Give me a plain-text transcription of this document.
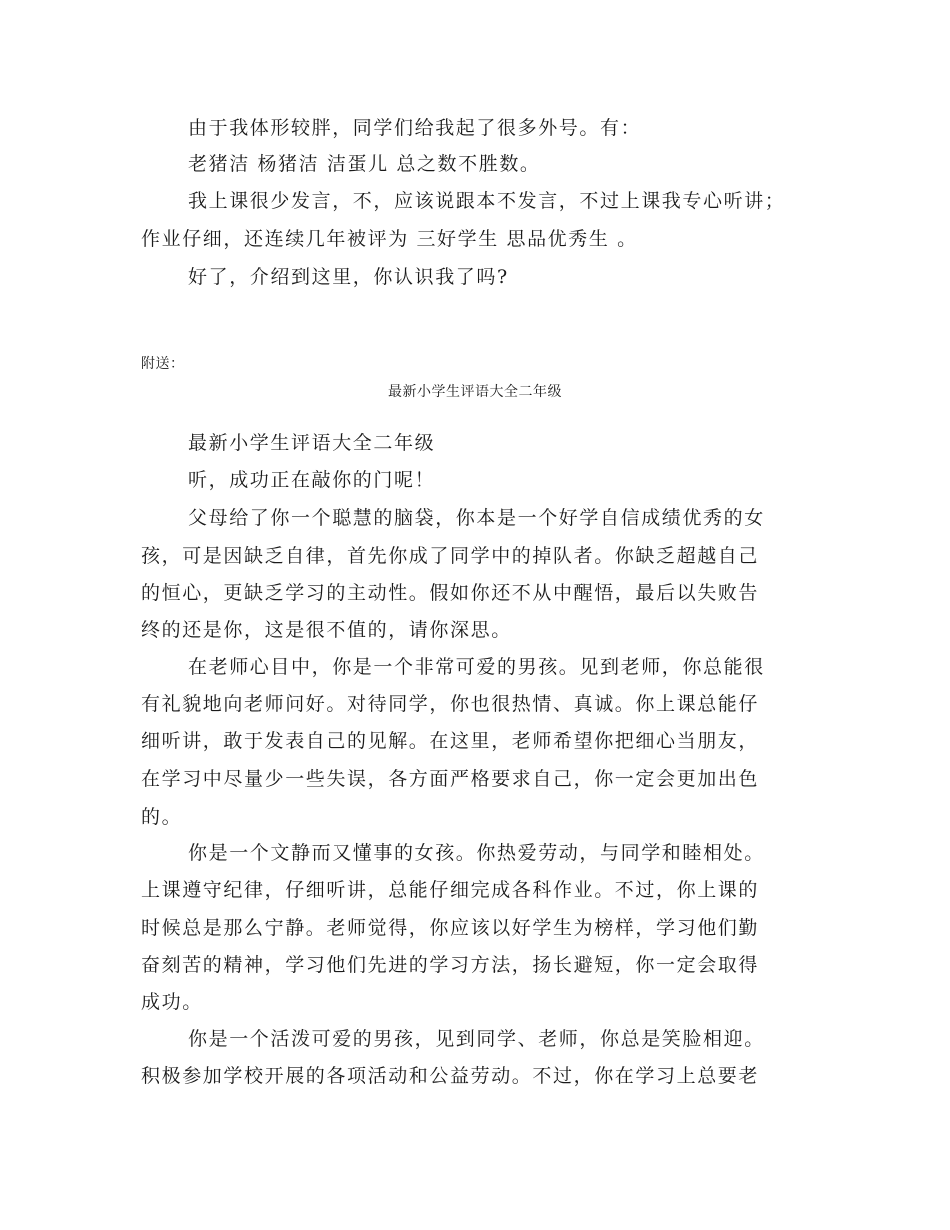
由于我体形较胖，同学们给我起了很多外号。有：

老猪洁 杨猪洁 洁蛋儿 总之数不胜数。

我上课很少发言，不，应该说跟本不发言，不过上课我专心听讲；

作业仔细，还连续几年被评为 三好学生 思品优秀生 。

好了，介绍到这里，你认识我了吗?

附送：

最新小学生评语大全二年级

最新小学生评语大全二年级

听，成功正在敲你的门呢！

父母给了你一个聪慧的脑袋，你本是一个好学自信成绩优秀的女

孩，可是因缺乏自律，首先你成了同学中的掉队者。你缺乏超越自己

的恒心，更缺乏学习的主动性。假如你还不从中醒悟，最后以失败告

终的还是你，这是很不值的，请你深思。

在老师心目中，你是一个非常可爱的男孩。见到老师，你总能很

有礼貌地向老师问好。对待同学，你也很热情、真诚。你上课总能仔

细听讲，敢于发表自己的见解。在这里，老师希望你把细心当朋友，

在学习中尽量少一些失误，各方面严格要求自己，你一定会更加出色

的。

你是一个文静而又懂事的女孩。你热爱劳动，与同学和睦相处。

上课遵守纪律，仔细听讲，总能仔细完成各科作业。不过，你上课的

时候总是那么宁静。老师觉得，你应该以好学生为榜样，学习他们勤

奋刻苦的精神，学习他们先进的学习方法，扬长避短，你一定会取得

成功。

你是一个活泼可爱的男孩，见到同学、老师，你总是笑脸相迎。

积极参加学校开展的各项活动和公益劳动。不过，你在学习上总要老
